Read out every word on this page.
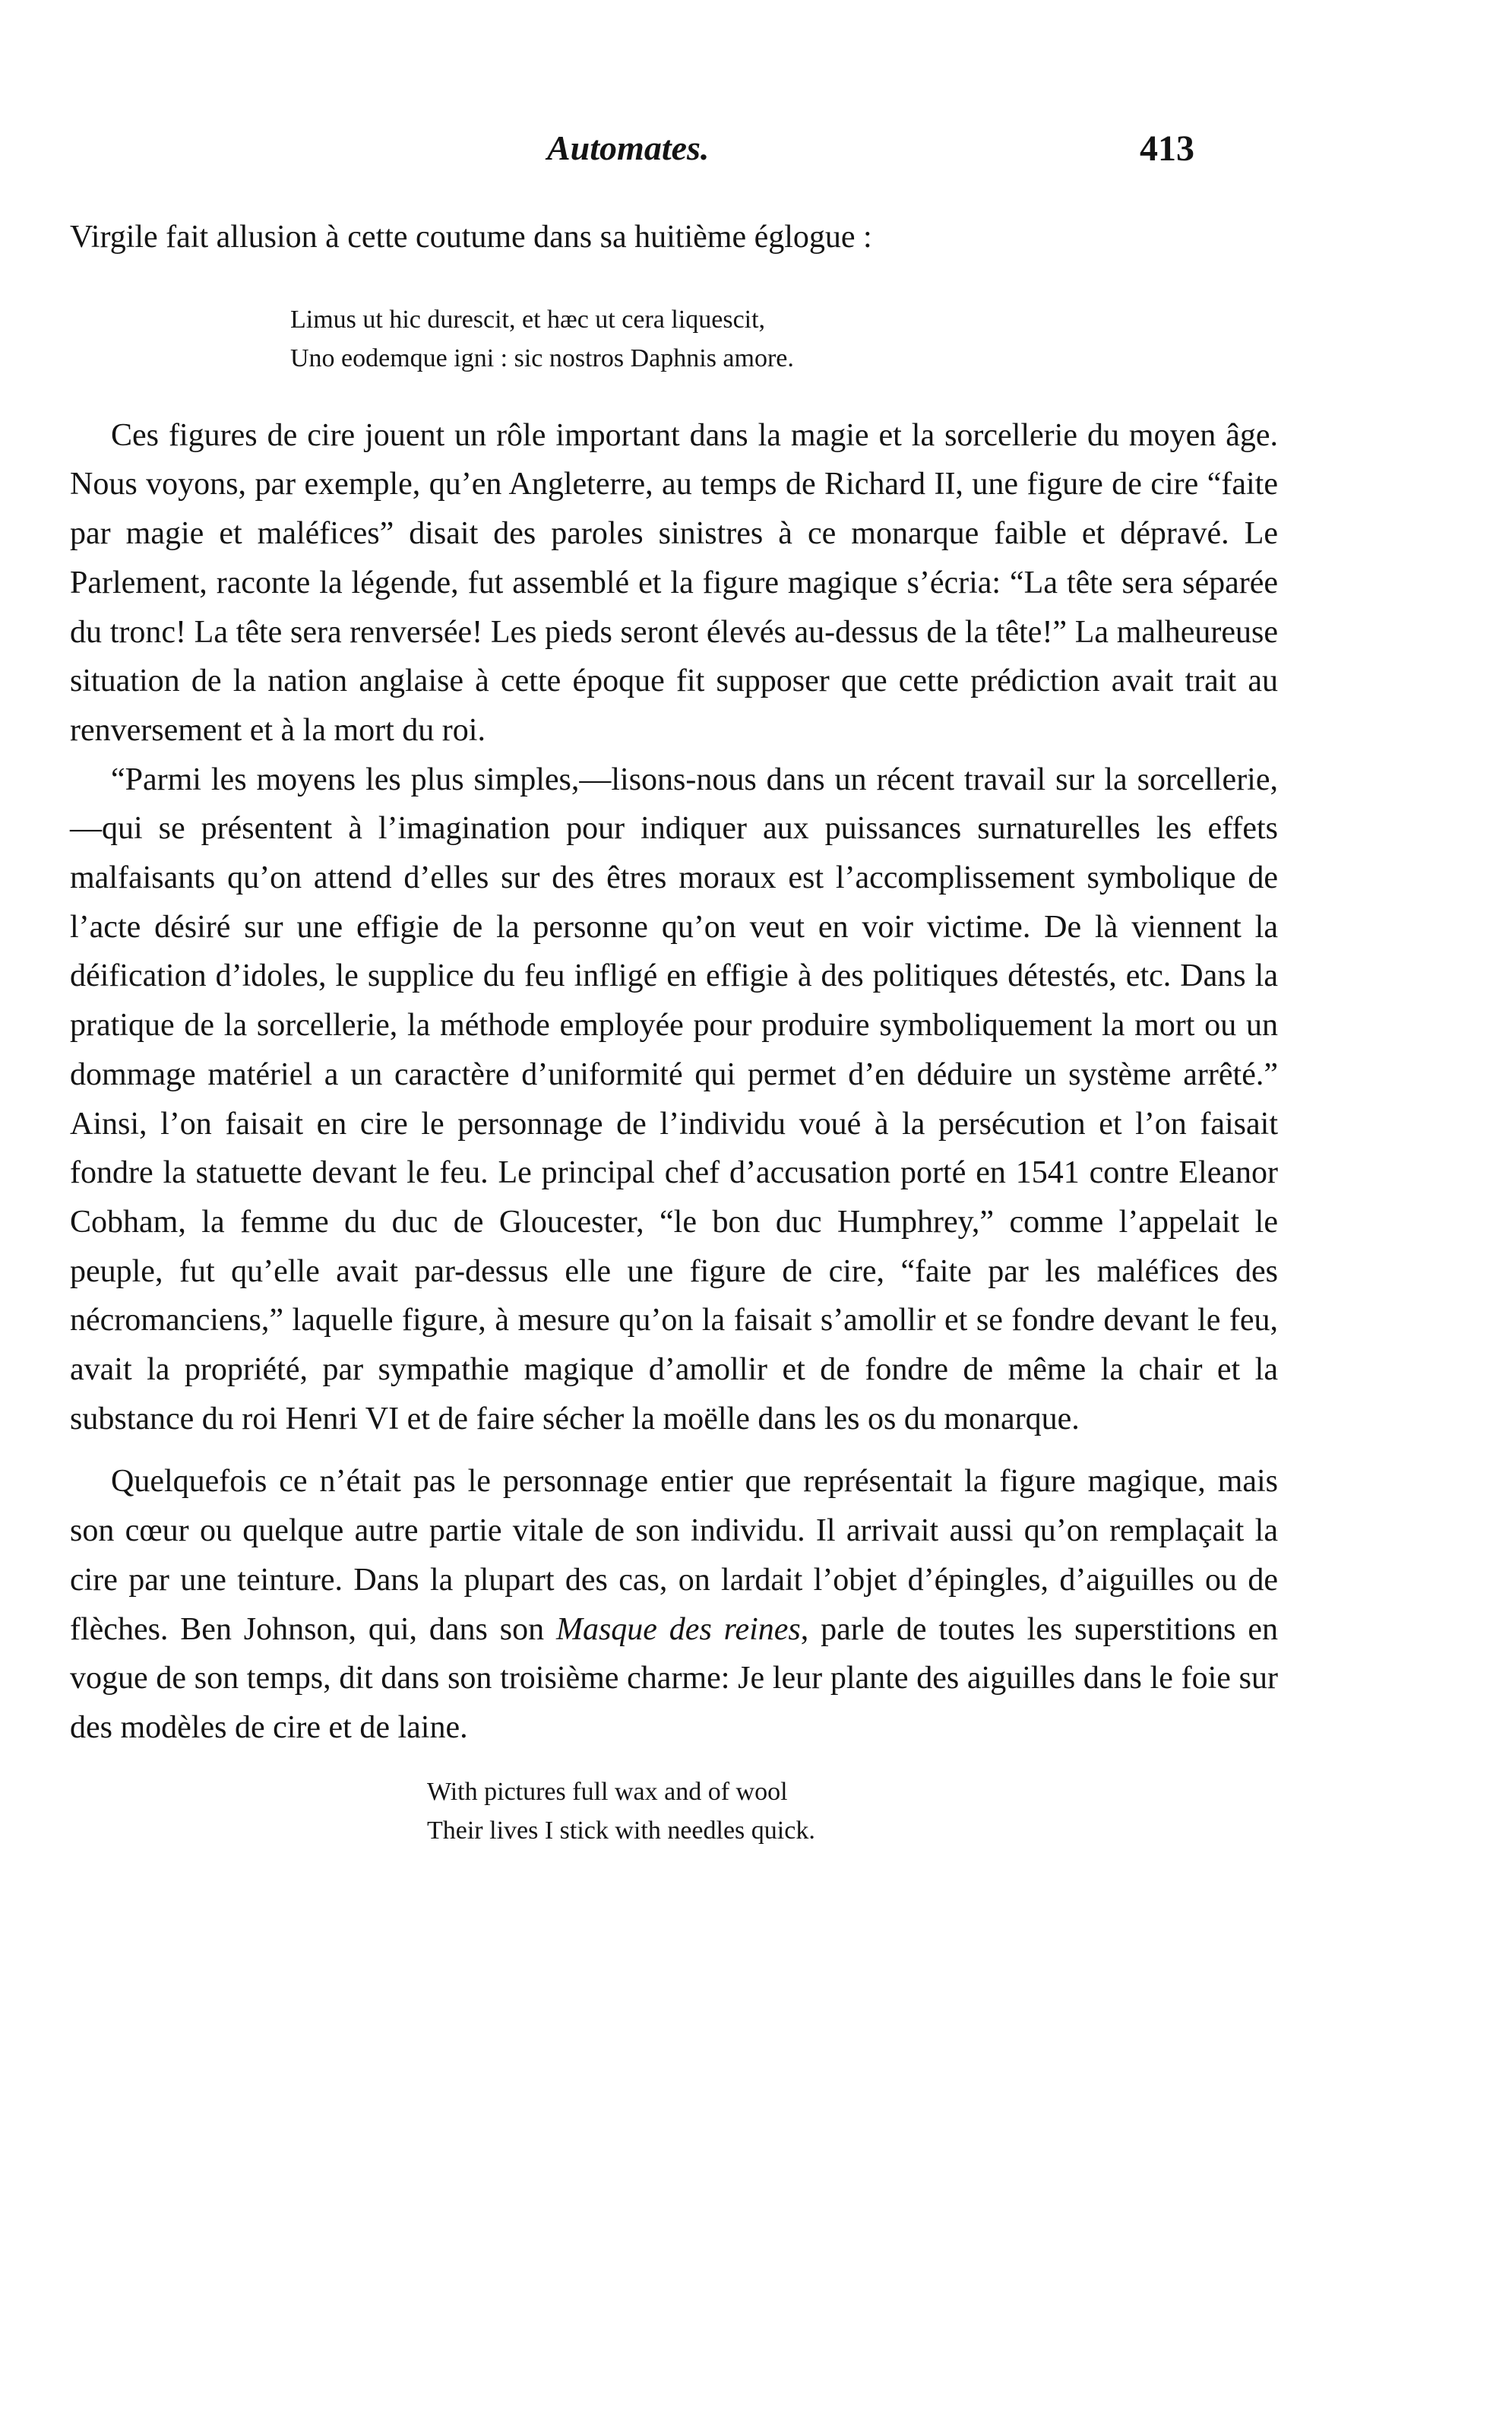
Automates.	413

Virgile fait allusion à cette coutume dans sa huitième églogue :

Limus ut hic durescit, et hæc ut cera liquescit,
Uno eodemque igni : sic nostros Daphnis amore.

Ces figures de cire jouent un rôle important dans la magie et la sorcellerie du moyen âge. Nous voyons, par exemple, qu’en Angleterre, au temps de Richard II, une figure de cire “faite par magie et maléfices” disait des paroles sinistres à ce monarque faible et dépravé. Le Parlement, raconte la légende, fut assemblé et la figure magique s’écria: “La tête sera séparée du tronc! La tête sera renversée! Les pieds seront élevés au-dessus de la tête!” La malheureuse situation de la nation anglaise à cette époque fit supposer que cette prédiction avait trait au renversement et à la mort du roi.

“Parmi les moyens les plus simples,—lisons-nous dans un récent travail sur la sorcellerie,—qui se présentent à l’imagination pour indiquer aux puissances surnaturelles les effets malfaisants qu’on attend d’elles sur des êtres moraux est l’accomplissement symbolique de l’acte désiré sur une effigie de la personne qu’on veut en voir victime. De là viennent la déification d’idoles, le supplice du feu infligé en effigie à des politiques détestés, etc. Dans la pratique de la sorcellerie, la méthode employée pour produire symboliquement la mort ou un dommage matériel a un caractère d’uniformité qui permet d’en déduire un système arrêté.” Ainsi, l’on faisait en cire le personnage de l’individu voué à la persécution et l’on faisait fondre la statuette devant le feu. Le principal chef d’accusation porté en 1541 contre Eleanor Cobham, la femme du duc de Gloucester, “le bon duc Humphrey,” comme l’appelait le peuple, fut qu’elle avait par-dessus elle une figure de cire, “faite par les maléfices des nécromanciens,” laquelle figure, à mesure qu’on la faisait s’amollir et se fondre devant le feu, avait la propriété, par sympathie magique d’amollir et de fondre de même la chair et la substance du roi Henri VI et de faire sécher la moëlle dans les os du monarque.

Quelquefois ce n’était pas le personnage entier que représentait la figure magique, mais son cœur ou quelque autre partie vitale de son individu. Il arrivait aussi qu’on remplaçait la cire par une teinture. Dans la plupart des cas, on lardait l’objet d’épingles, d’aiguilles ou de flèches. Ben Johnson, qui, dans son Masque des reines, parle de toutes les superstitions en vogue de son temps, dit dans son troisième charme: Je leur plante des aiguilles dans le foie sur des modèles de cire et de laine.

With pictures full wax and of wool
Their lives I stick with needles quick.
